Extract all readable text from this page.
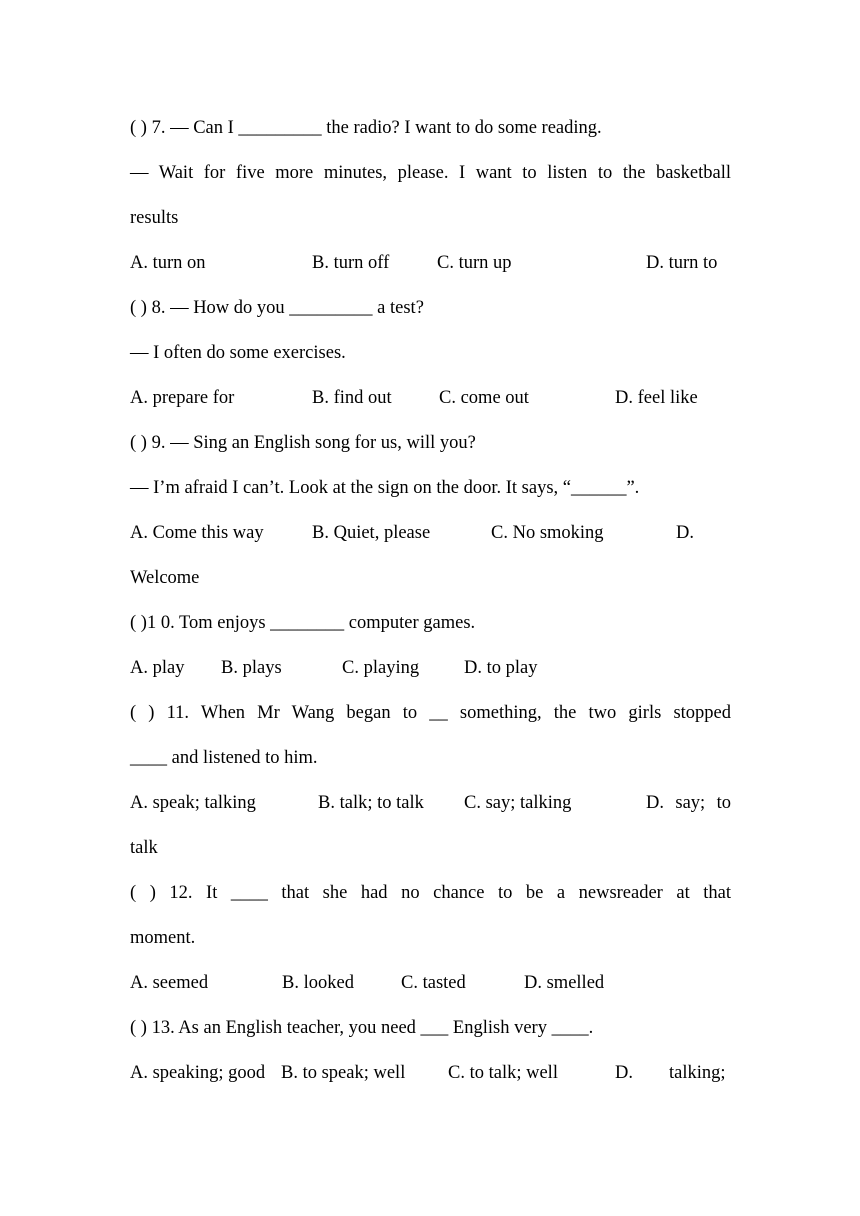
( ) 7. — Can I _________ the radio? I want to do some reading.
— Wait for five more minutes, please. I want to listen to the basketball
results
A. turn on	B. turn off	C. turn up	D. turn to
( ) 8. — How do you _________ a test?
— I often do some exercises.
A. prepare for	B. find out	C. come out	D. feel like
( ) 9. — Sing an English song for us, will you?
— I’m afraid I can’t. Look at the sign on the door. It says, “______”.
A. Come this way	B. Quiet, please	C. No smoking	D.
Welcome
( )1 0. Tom enjoys ________ computer games.
A. play B. plays	C. playing D. to play
( ) 11. When Mr Wang began to __ something, the two girls stopped
____ and listened to him.
A. speak; talking	B. talk; to talk C. say; talking	D. say; to
talk
( ) 12. It ____ that she had no chance to be a newsreader at that
moment.
A. seemed	B. looked	C. tasted	D. smelled
( ) 13. As an English teacher, you need ___ English very ____.
A. speaking; good B. to speak; well C. to talk; well	D. talking;
